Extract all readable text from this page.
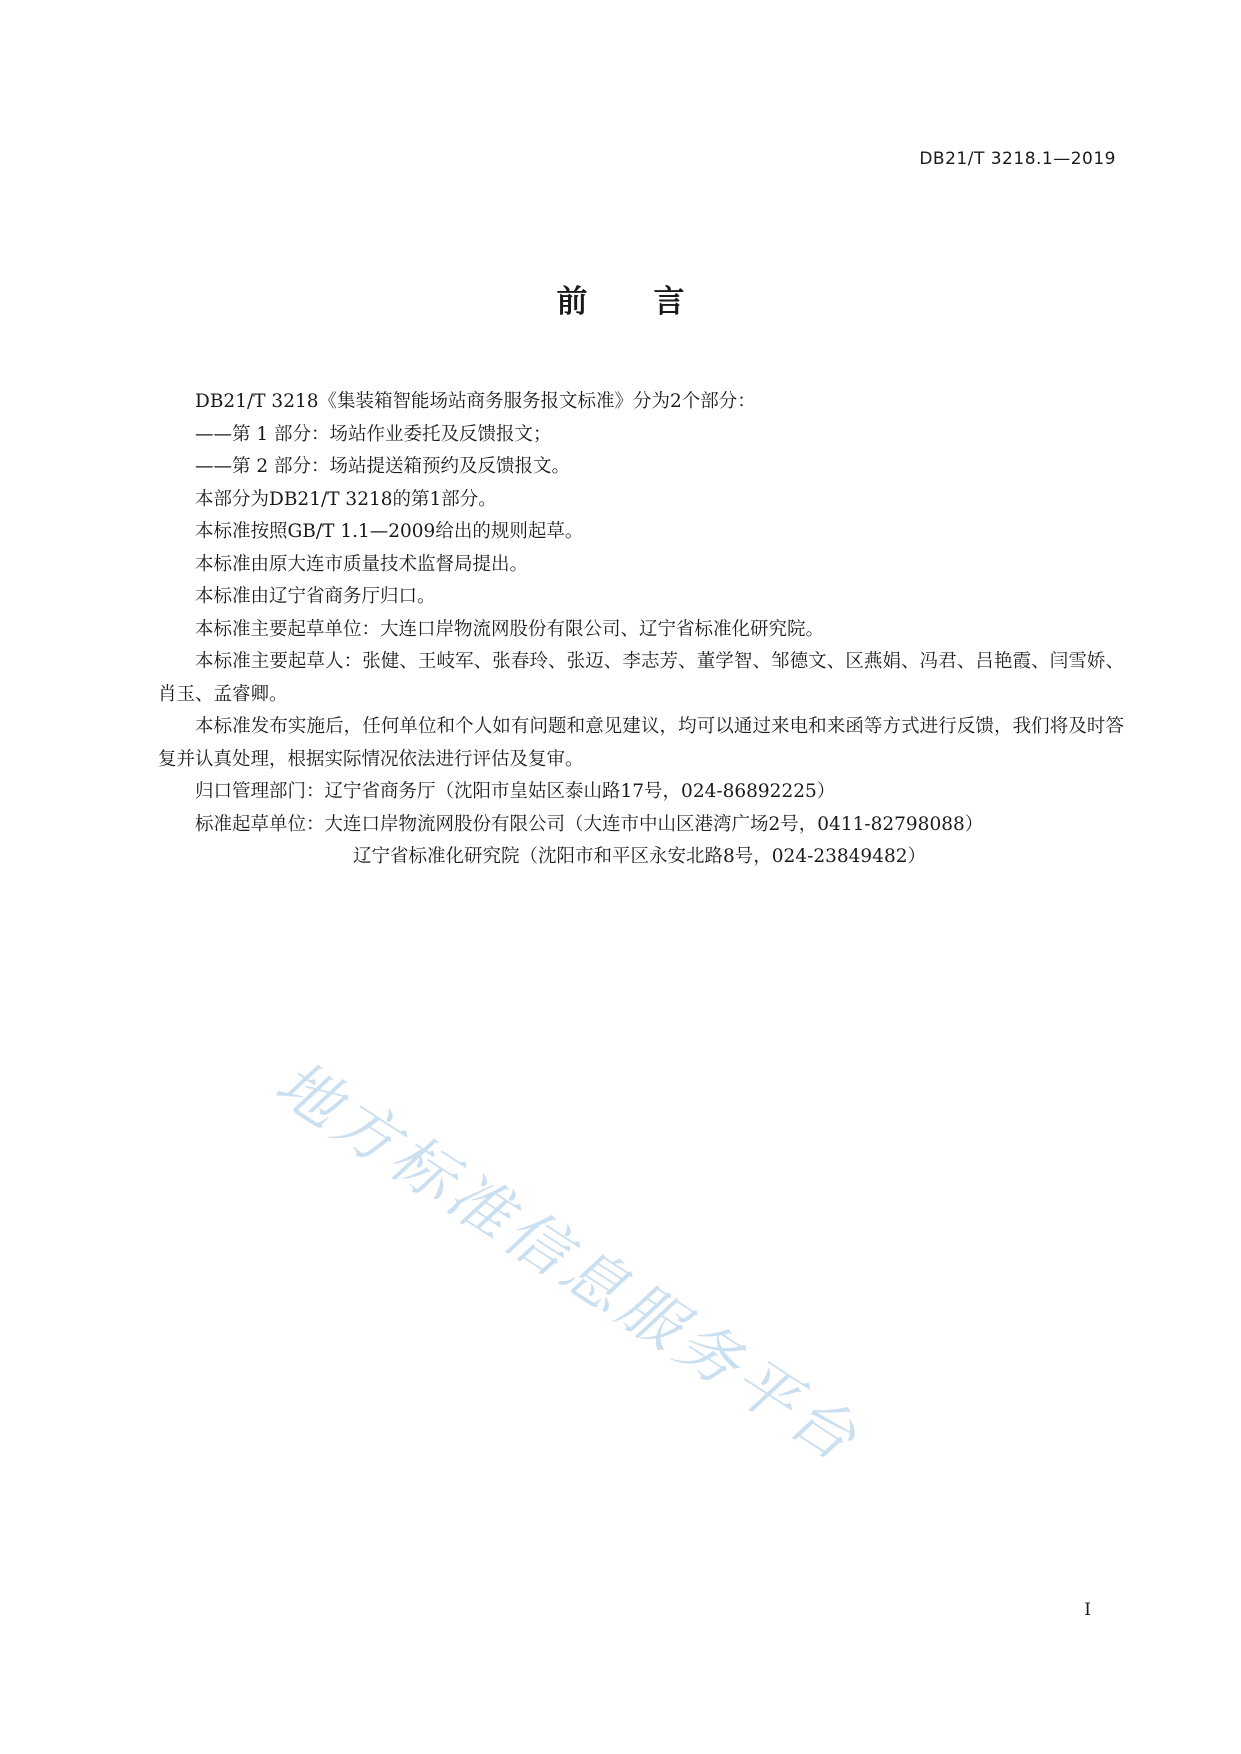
DB21/T 3218.1—2019
前 言

DB21/T 3218《集装箱智能场站商务服务报文标准》分为2个部分：

——第 1 部分：场站作业委托及反馈报文；

——第 2 部分：场站提送箱预约及反馈报文。

本部分为DB21/T 3218的第1部分。

本标准按照GB/T 1.1—2009给出的规则起草。

本标准由原大连市质量技术监督局提出。

本标准由辽宁省商务厅归口。

本标准主要起草单位：大连口岸物流网股份有限公司、辽宁省标准化研究院。

本标准主要起草人：张健、王岐军、张春玲、张迈、李志芳、董学智、邹德文、区燕娟、冯君、吕艳霞、闫雪娇、肖玉、孟睿卿。

本标准发布实施后，任何单位和个人如有问题和意见建议，均可以通过来电和来函等方式进行反馈，我们将及时答复并认真处理，根据实际情况依法进行评估及复审。

归口管理部门：辽宁省商务厅（沈阳市皇姑区泰山路17号，024-86892225）

标准起草单位：大连口岸物流网股份有限公司（大连市中山区港湾广场2号，0411-82798088）

辽宁省标准化研究院（沈阳市和平区永安北路8号，024-23849482）

地方标准信息服务平台
I
